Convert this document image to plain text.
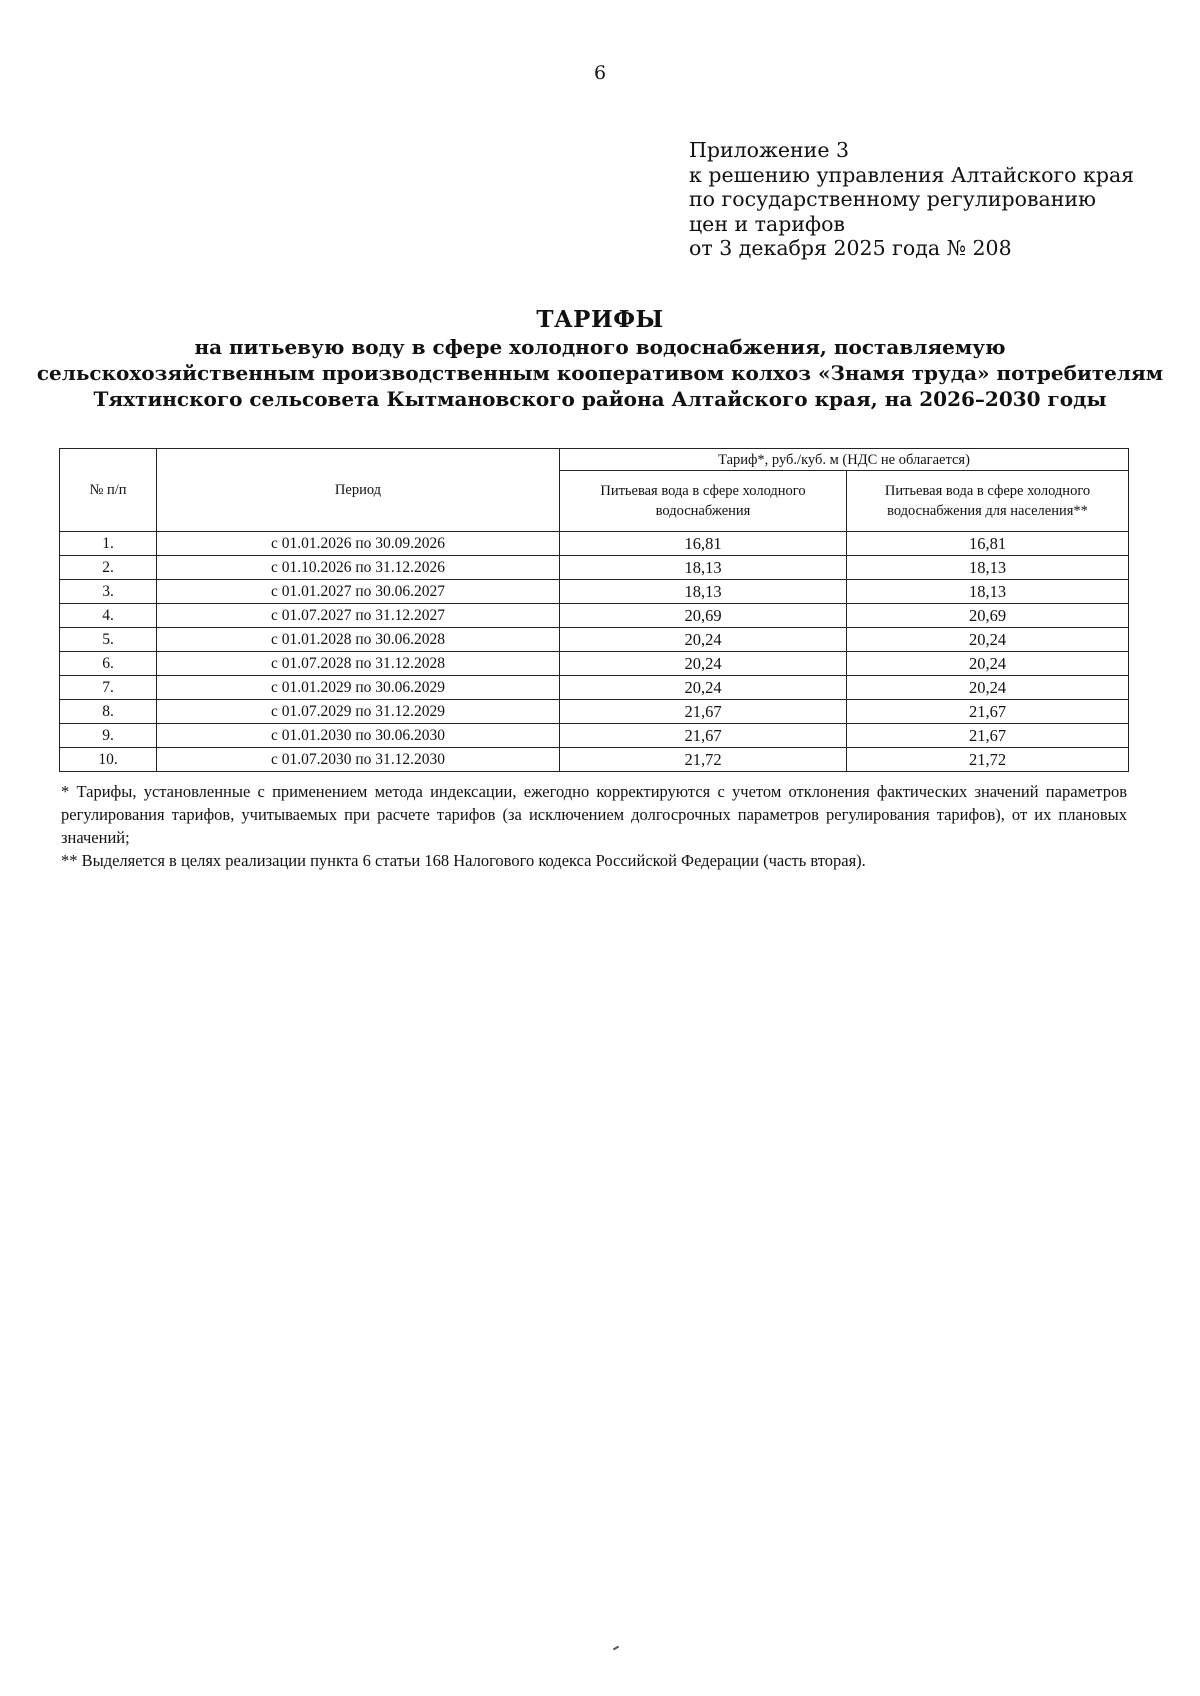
6
Приложение 3
к решению управления Алтайского края
по государственному регулированию
цен и тарифов
от 3 декабря 2025 года № 208
ТАРИФЫ
на питьевую воду в сфере холодного водоснабжения, поставляемую
сельскохозяйственным производственным кооперативом колхоз «Знамя труда» потребителям
Тяхтинского сельсовета Кытмановского района Алтайского края, на 2026–2030 годы
№ п/п	Период	Тариф*, руб./куб. м (НДС не облагается)	

		Питьевая вода в сфере холодного водоснабжения	Питьевая вода в сфере холодного водоснабжения для населения**

1.	с 01.01.2026 по 30.09.2026	16,81	16,81
2.	с 01.10.2026 по 31.12.2026	18,13	18,13
3.	с 01.01.2027 по 30.06.2027	18,13	18,13
4.	с 01.07.2027 по 31.12.2027	20,69	20,69
5.	с 01.01.2028 по 30.06.2028	20,24	20,24
6.	с 01.07.2028 по 31.12.2028	20,24	20,24
7.	с 01.01.2029 по 30.06.2029	20,24	20,24
8.	с 01.07.2029 по 31.12.2029	21,67	21,67
9.	с 01.01.2030 по 30.06.2030	21,67	21,67
10.	с 01.07.2030 по 31.12.2030	21,72	21,72
* Тарифы, установленные с применением метода индексации, ежегодно корректируются с учетом отклонения фактических значений параметров регулирования тарифов, учитываемых при расчете тарифов (за исключением долгосрочных параметров регулирования тарифов), от их плановых значений;
** Выделяется в целях реализации пункта 6 статьи 168 Налогового кодекса Российской Федерации (часть вторая).
